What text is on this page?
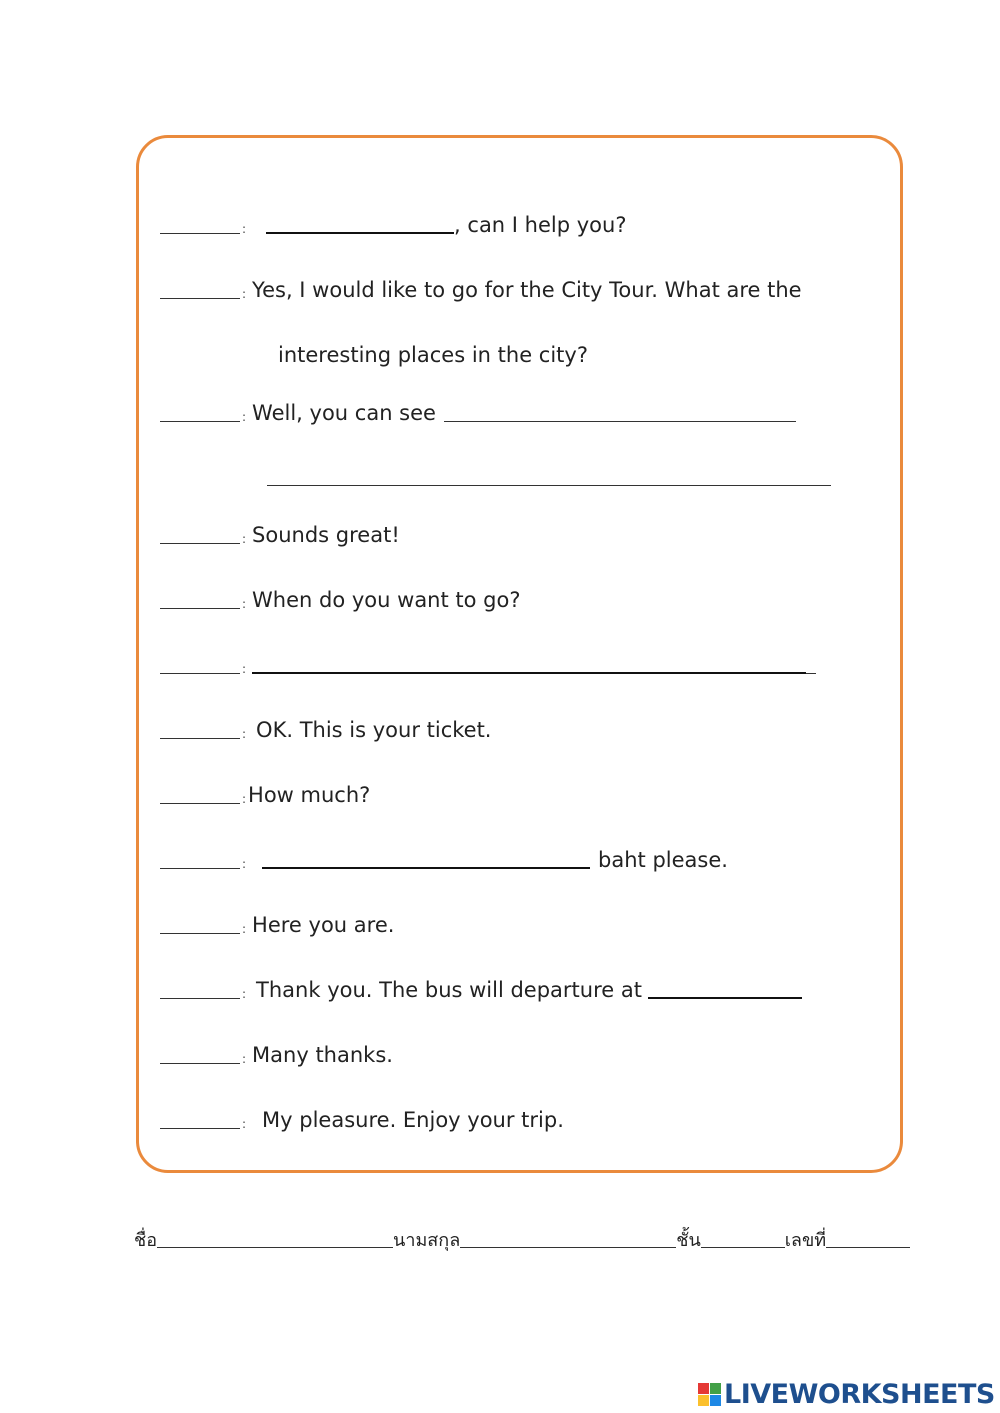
:	, can I help you?
: Yes, I would like to go for the City Tour. What are the
interesting places in the city?
: Well, you can see
: Sounds great!
: When do you want to go?
:
: OK. This is your ticket.
: How much?
:	baht please.
: Here you are.
: Thank you. The bus will departure at
: Many thanks.
: My pleasure. Enjoy your trip.
ชื่อ	นามสกุล	ชั้น	เลขที่
LIVEWORKSHEETS
